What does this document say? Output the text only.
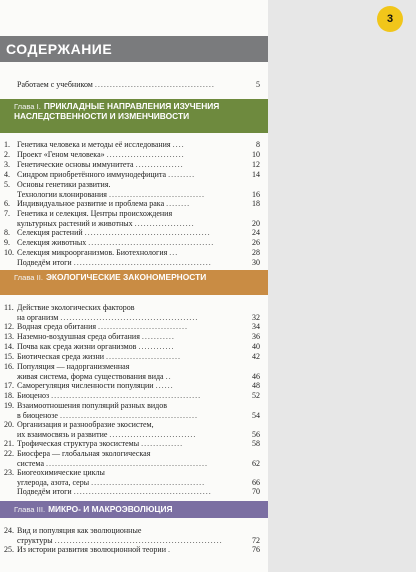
СОДЕРЖАНИЕ
Работаем с учебником ........................................	5
Глава I. ПРИКЛАДНЫЕ НАПРАВЛЕНИЯ ИЗУЧЕНИЯ НАСЛЕДСТВЕННОСТИ И ИЗМЕНЧИВОСТИ
1. Генетика человека и методы её исследования ....	8
2. Проект «Геном человека» ..........................	10
3. Генетические основы иммунитета ................	12
4. Синдром приобретённого иммунодефицита .........	14
5. Основы генетики развития.
Технологии клонирования ................................	16
6. Индивидуальное развитие и проблема рака ........	18
7. Генетика и селекция. Центры происхождения
культурных растений и животных ....................	20
8. Селекция растений ..........................................	24
9. Селекция животных ..........................................	26
10. Селекция микроорганизмов. Биотехнология ...	28
Подведём итоги ..............................................	30
Глава II. ЭКОЛОГИЧЕСКИЕ ЗАКОНОМЕРНОСТИ
11. Действие экологических факторов
на организм ..............................................	32
12. Водная среда обитания ..............................	34
13. Наземно-воздушная среда обитания ...........	36
14. Почва как среда жизни организмов ............	40
15. Биотическая среда жизни .........................	42
16. Популяция — надорганизменная
живая система, форма существования вида ..	46
17. Саморегуляция численности популяции ......	48
18. Биоценоз ..................................................	52
19. Взаимоотношения популяций разных видов
в биоценозе ..............................................	54
20. Организация и разнообразие экосистем,
их взаимосвязь и развитие .............................	56
21. Трофическая структура экосистемы ..............	58
22. Биосфера — глобальная экологическая
система ......................................................	62
23. Биогеохимические циклы
углерода, азота, серы ......................................	66
Подведём итоги ..............................................	70
Глава III. МИКРО- И МАКРОЭВОЛЮЦИЯ
24. Вид и популяция как эволюционные
структуры ........................................................	72
25. Из истории развития эволюционной теории .	76
3
